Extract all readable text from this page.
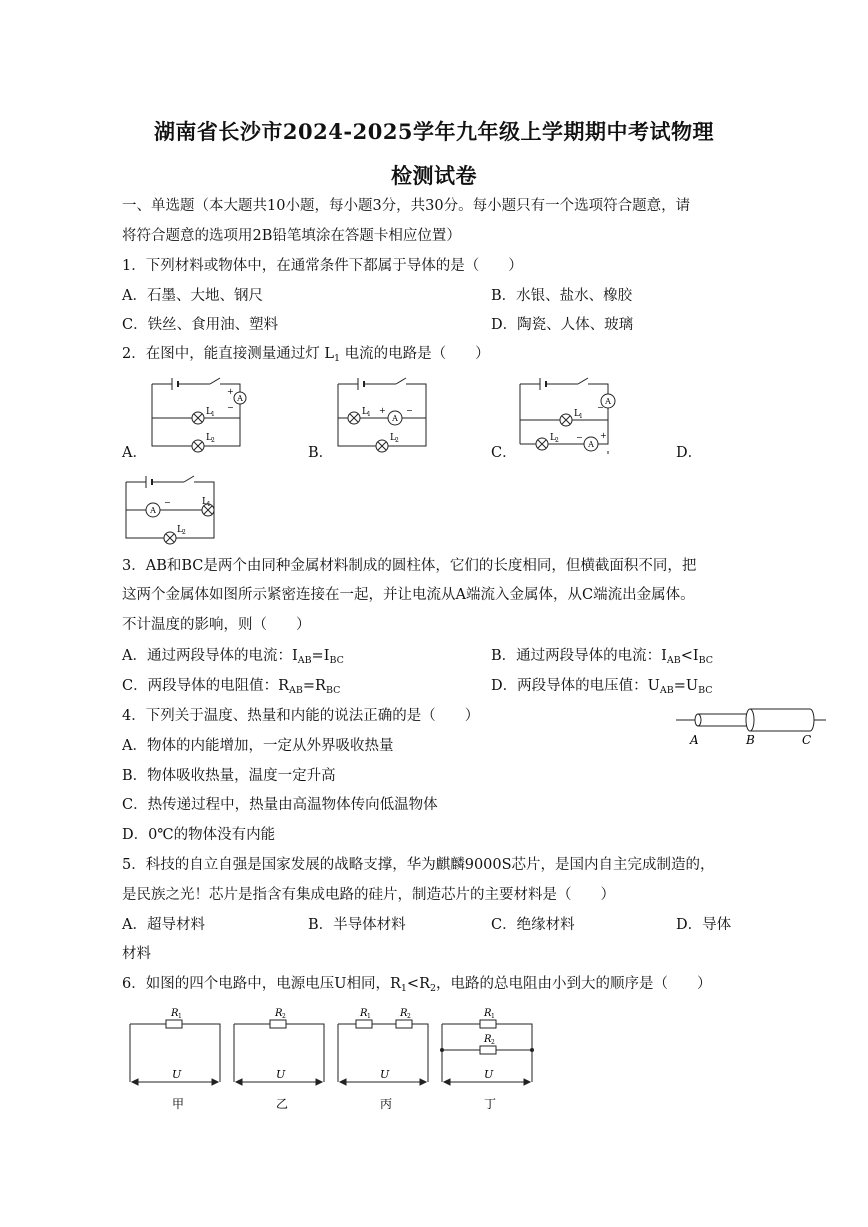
湖南省长沙市2024-2025学年九年级上学期期中考试物理
检测试卷
一、单选题（本大题共10小题，每小题3分，共30分。每小题只有一个选项符合题意，请
将符合题意的选项用2B铅笔填涂在答题卡相应位置）
1．下列材料或物体中，在通常条件下都属于导体的是（　　）
A．石墨、大地、钢尺	B．水银、盐水、橡胶
C．铁丝、食用油、塑料	D．陶瓷、人体、玻璃
2．在图中，能直接测量通过灯 $L_1$ 电流的电路是（　　）
A．	B．	C．	D．
A
+
−
L 1
L 2
A
+	−
L 1
L 2
A
A
−
− +
L 1
L 2
A
−	L 1
L 2
3．AB和BC是两个由同种金属材料制成的圆柱体，它们的长度相同，但横截面积不同，把
这两个金属体如图所示紧密连接在一起，并让电流从A端流入金属体，从C端流出金属体。
不计温度的影响，则（　　）
A．通过两段导体的电流：$I_{AB}=I_{BC}$	B．通过两段导体的电流：$I_{AB}<I_{BC}$
C．两段导体的电阻值：$R_{AB}=R_{BC}$	D．两段导体的电压值：$U_{AB}=U_{BC}$
A	B	C
4．下列关于温度、热量和内能的说法正确的是（　　）
A．物体的内能增加，一定从外界吸收热量
B．物体吸收热量，温度一定升高
C．热传递过程中，热量由高温物体传向低温物体
D．0℃的物体没有内能
5．科技的自立自强是国家发展的战略支撑，华为麒麟9000S芯片，是国内自主完成制造的，
是民族之光！芯片是指含有集成电路的硅片，制造芯片的主要材料是（　　）
A．超导材料	B．半导体材料	C．绝缘材料	D．导体
材料
6．如图的四个电路中，电源电压U相同，$R_1<R_2$，电路的总电阻由小到大的顺序是（　　）
R 1
U
甲
R 2
U
乙
R 1	R 2
U
丙
R 1
R 2
U
丁
